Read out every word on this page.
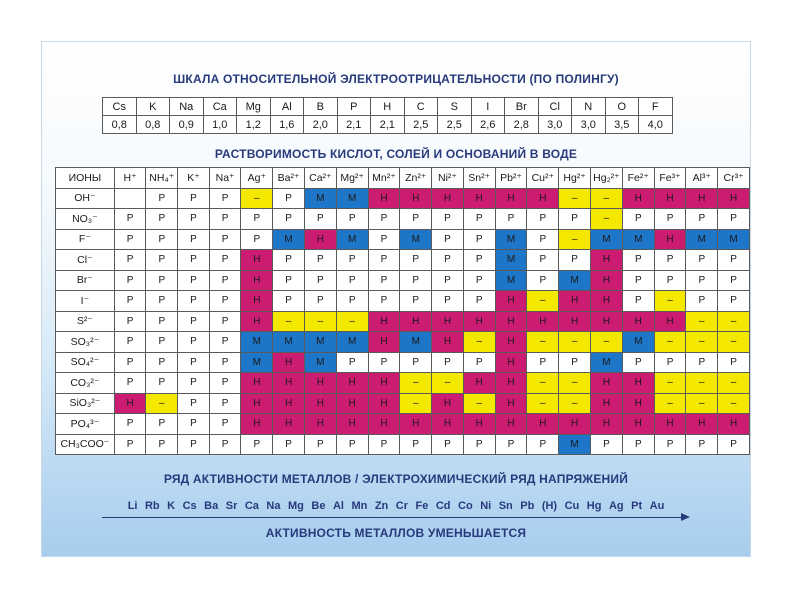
ШКАЛА ОТНОСИТЕЛЬНОЙ ЭЛЕКТРООТРИЦАТЕЛЬНОСТИ (ПО ПОЛИНГУ)
Cs	K	Na	Ca	Mg	Al	B	P	H	C	S	I	Br	Cl	N	O	F
0,8	0,8	0,9	1,0	1,2	1,6	2,0	2,1	2,1	2,5	2,5	2,6	2,8	3,0	3,0	3,5	4,0
РАСТВОРИМОСТЬ КИСЛОТ, СОЛЕЙ И ОСНОВАНИЙ В ВОДЕ
ИОНЫ	H⁺	NH₄⁺	K⁺	Na⁺	Ag⁺	Ba²⁺	Ca²⁺	Mg²⁺	Mn²⁺	Zn²⁺	Ni²⁺	Sn²⁺	Pb²⁺	Cu²⁺	Hg²⁺	Hg₂²⁺	Fe²⁺	Fe³⁺	Al³⁺	Cr³⁺
OH⁻		P	P	P	–	P	M	M	H	H	H	H	H	H	–	–	H	H	H	H
NO₃⁻	P	P	P	P	P	P	P	P	P	P	P	P	P	P	P	–	P	P	P	P
F⁻	P	P	P	P	P	M	H	M	P	M	P	P	M	P	–	M	M	H	M	M
Cl⁻	P	P	P	P	H	P	P	P	P	P	P	P	M	P	P	H	P	P	P	P
Br⁻	P	P	P	P	H	P	P	P	P	P	P	P	M	P	M	H	P	P	P	P
I⁻	P	P	P	P	H	P	P	P	P	P	P	P	H	–	H	H	P	–	P	P
S²⁻	P	P	P	P	H	–	–	–	H	H	H	H	H	H	H	H	H	H	–	–
SO₃²⁻	P	P	P	P	M	M	M	M	H	M	H	–	H	–	–	–	M	–	–	–
SO₄²⁻	P	P	P	P	M	H	M	P	P	P	P	P	H	P	P	M	P	P	P	P
CO₃²⁻	P	P	P	P	H	H	H	H	H	–	–	H	H	–	–	H	H	–	–	–
SiO₃²⁻	H	–	P	P	H	H	H	H	H	–	H	–	H	–	–	H	H	–	–	–
PO₄³⁻	P	P	P	P	H	H	H	H	H	H	H	H	H	H	H	H	H	H	H	H
CH₃COO⁻	P	P	P	P	P	P	P	P	P	P	P	P	P	P	M	P	P	P	P	P
РЯД АКТИВНОСТИ МЕТАЛЛОВ / ЭЛЕКТРОХИМИЧЕСКИЙ РЯД НАПРЯЖЕНИЙ
Li Rb K Cs Ba Sr Ca Na Mg Be Al Mn Zn Cr Fe Cd Co Ni Sn Pb (H) Cu Hg Ag Pt Au
АКТИВНОСТЬ МЕТАЛЛОВ УМЕНЬШАЕТСЯ
